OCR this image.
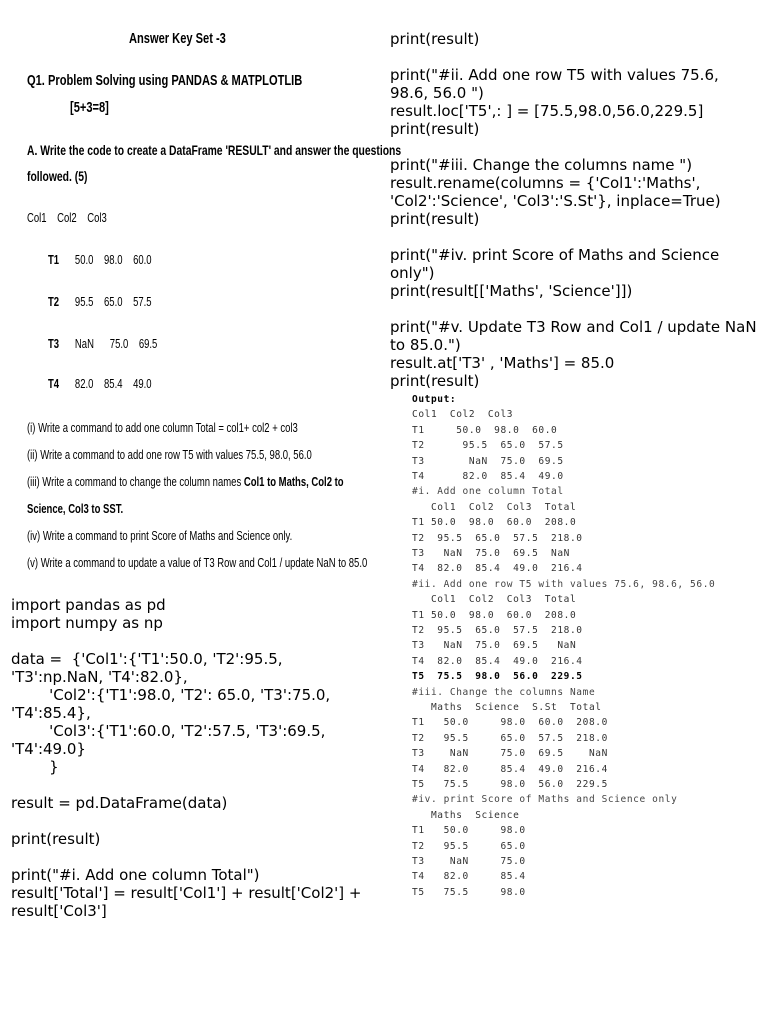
Answer Key Set -3
Q1. Problem Solving using PANDAS & MATPLOTLIB
[5+3=8]
A. Write the code to create a DataFrame 'RESULT' and answer the questions
followed. (5)
Col1 Col2 Col3
T1 50.0 98.0 60.0
T2 95.5 65.0 57.5
T3 NaN 75.0 69.5
T4 82.0 85.4 49.0
(i) Write a command to add one column Total = col1+ col2 + col3
(ii) Write a command to add one row T5 with values 75.5, 98.0, 56.0
(iii) Write a command to change the column names Col1 to Maths, Col2 to
Science, Col3 to SST.
(iv) Write a command to print Score of Maths and Science only.
(v) Write a command to update a value of T3 Row and Col1 / update NaN to 85.0
import pandas as pd
import numpy as np

data =  {'Col1':{'T1':50.0, 'T2':95.5, 'T3':np.NaN, 'T4':82.0},
'Col2':{'T1':98.0, 'T2': 65.0, 'T3':75.0, 'T4':85.4},
'Col3':{'T1':60.0, 'T2':57.5, 'T3':69.5, 'T4':49.0}
}

result = pd.DataFrame(data)

print(result)

print("#i. Add one column Total")
result['Total'] = result['Col1'] + result['Col2'] + result['Col3']
print(result)

print("#ii. Add one row T5 with values 75.6, 98.6, 56.0 ")
result.loc['T5',: ] = [75.5,98.0,56.0,229.5]
print(result)

print("#iii. Change the columns name ")
result.rename(columns = {'Col1':'Maths', 'Col2':'Science', 'Col3':'S.St'}, inplace=True)
print(result)

print("#iv. print Score of Maths and Science only")
print(result[['Maths', 'Science']])

print("#v. Update T3 Row and Col1 / update NaN to 85.0.")
result.at['T3' , 'Maths'] = 85.0
print(result)
Output:
Col1  Col2  Col3
T1     50.0  98.0  60.0
T2      95.5  65.0  57.5
T3       NaN  75.0  69.5
T4      82.0  85.4  49.0
#i. Add one column Total
Col1  Col2  Col3  Total
T1 50.0  98.0  60.0  208.0
T2  95.5  65.0  57.5  218.0
T3   NaN  75.0  69.5  NaN
T4  82.0  85.4  49.0  216.4
#ii. Add one row T5 with values 75.6, 98.6, 56.0
Col1  Col2  Col3  Total
T1 50.0  98.0  60.0  208.0
T2  95.5  65.0  57.5  218.0
T3   NaN  75.0  69.5   NaN
T4  82.0  85.4  49.0  216.4
T5  75.5  98.0  56.0  229.5
#iii. Change the columns Name
Maths  Science  S.St  Total
T1   50.0     98.0  60.0  208.0
T2   95.5     65.0  57.5  218.0
T3    NaN     75.0  69.5    NaN
T4   82.0     85.4  49.0  216.4
T5   75.5     98.0  56.0  229.5
#iv. print Score of Maths and Science only
Maths  Science
T1   50.0     98.0
T2   95.5     65.0
T3    NaN     75.0
T4   82.0     85.4
T5   75.5     98.0
